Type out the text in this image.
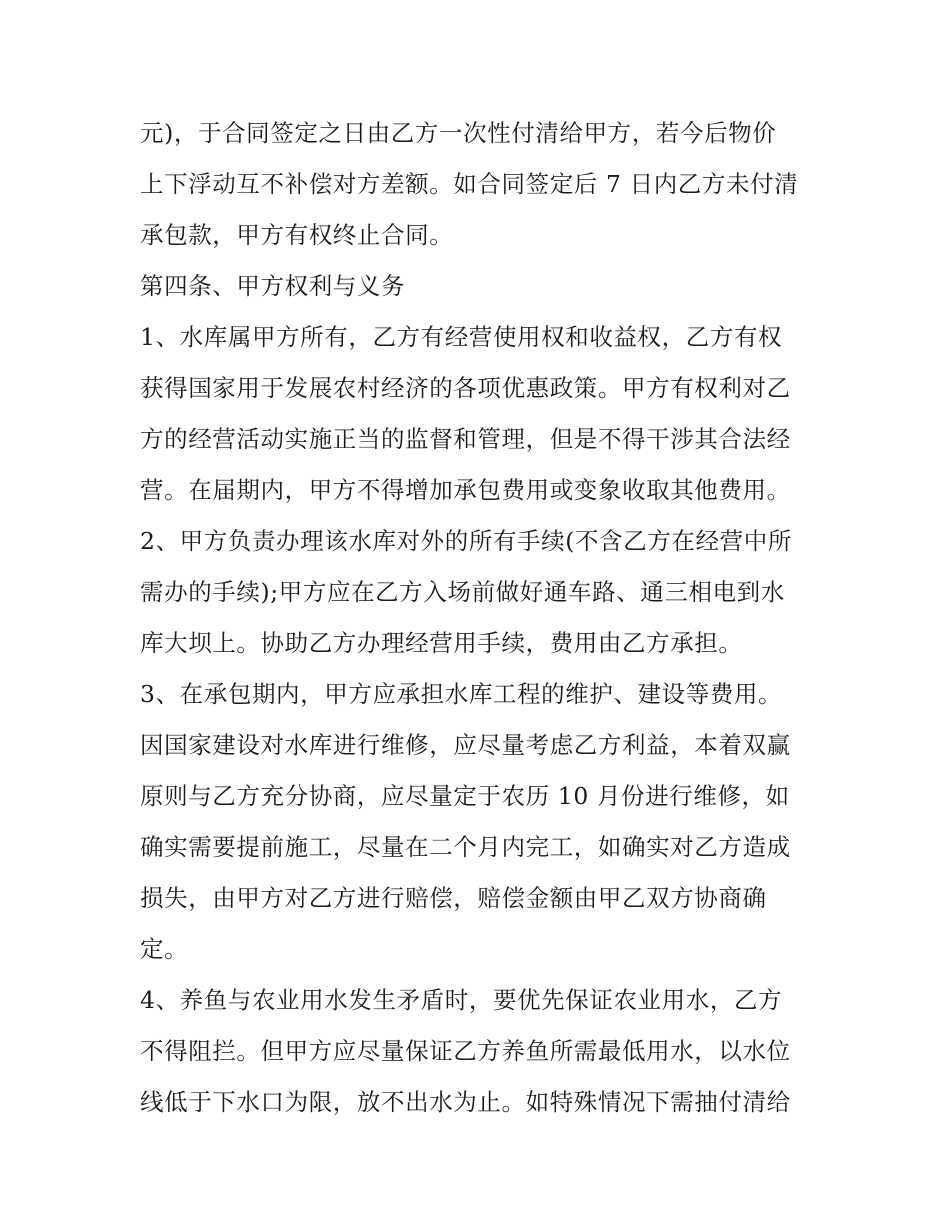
元)，于合同签定之日由乙方一次性付清给甲方，若今后物价
上下浮动互不补偿对方差额。如合同签定后 7 日内乙方未付清
承包款，甲方有权终止合同。
第四条、甲方权利与义务
1、水库属甲方所有，乙方有经营使用权和收益权，乙方有权
获得国家用于发展农村经济的各项优惠政策。甲方有权利对乙
方的经营活动实施正当的监督和管理，但是不得干涉其合法经
营。在届期内，甲方不得增加承包费用或变象收取其他费用。
2、甲方负责办理该水库对外的所有手续(不含乙方在经营中所
需办的手续);甲方应在乙方入场前做好通车路、通三相电到水
库大坝上。协助乙方办理经营用手续，费用由乙方承担。
3、在承包期内，甲方应承担水库工程的维护、建设等费用。
因国家建设对水库进行维修，应尽量考虑乙方利益，本着双赢
原则与乙方充分协商，应尽量定于农历 10 月份进行维修，如
确实需要提前施工，尽量在二个月内完工，如确实对乙方造成
损失，由甲方对乙方进行赔偿，赔偿金额由甲乙双方协商确
定。
4、养鱼与农业用水发生矛盾时，要优先保证农业用水，乙方
不得阻拦。但甲方应尽量保证乙方养鱼所需最低用水，以水位
线低于下水口为限，放不出水为止。如特殊情况下需抽付清给
